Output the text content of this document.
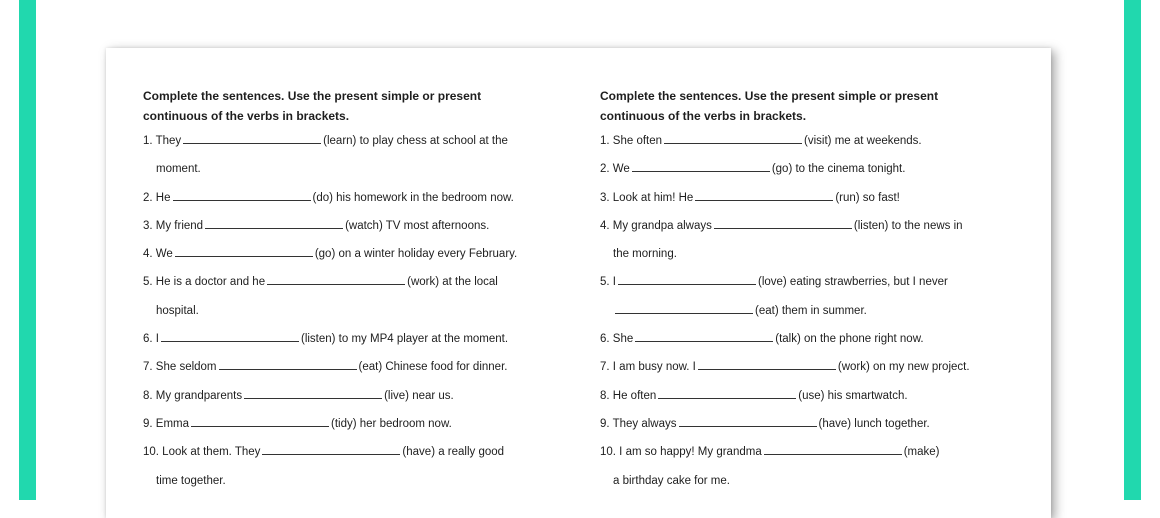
Complete the sentences. Use the present simple or present
continuous of the verbs in brackets.

1. They	(learn) to play chess at school at the
moment.
2. He	(do) his homework in the bedroom now.
3. My friend	(watch) TV most afternoons.
4. We	(go) on a winter holiday every February.
5. He is a doctor and he	(work) at the local
hospital.
6. I	(listen) to my MP4 player at the moment.
7. She seldom	(eat) Chinese food for dinner.
8. My grandparents	(live) near us.
9. Emma	(tidy) her bedroom now.
10. Look at them. They	(have) a really good
time together.

Complete the sentences. Use the present simple or present
continuous of the verbs in brackets.

1. She often	(visit) me at weekends.
2. We	(go) to the cinema tonight.
3. Look at him! He	(run) so fast!
4. My grandpa always	(listen) to the news in
the morning.
5. I	(love) eating strawberries, but I never
(eat) them in summer.
6. She	(talk) on the phone right now.
7. I am busy now. I	(work) on my new project.
8. He often	(use) his smartwatch.
9. They always	(have) lunch together.
10. I am so happy! My grandma	(make)
a birthday cake for me.
